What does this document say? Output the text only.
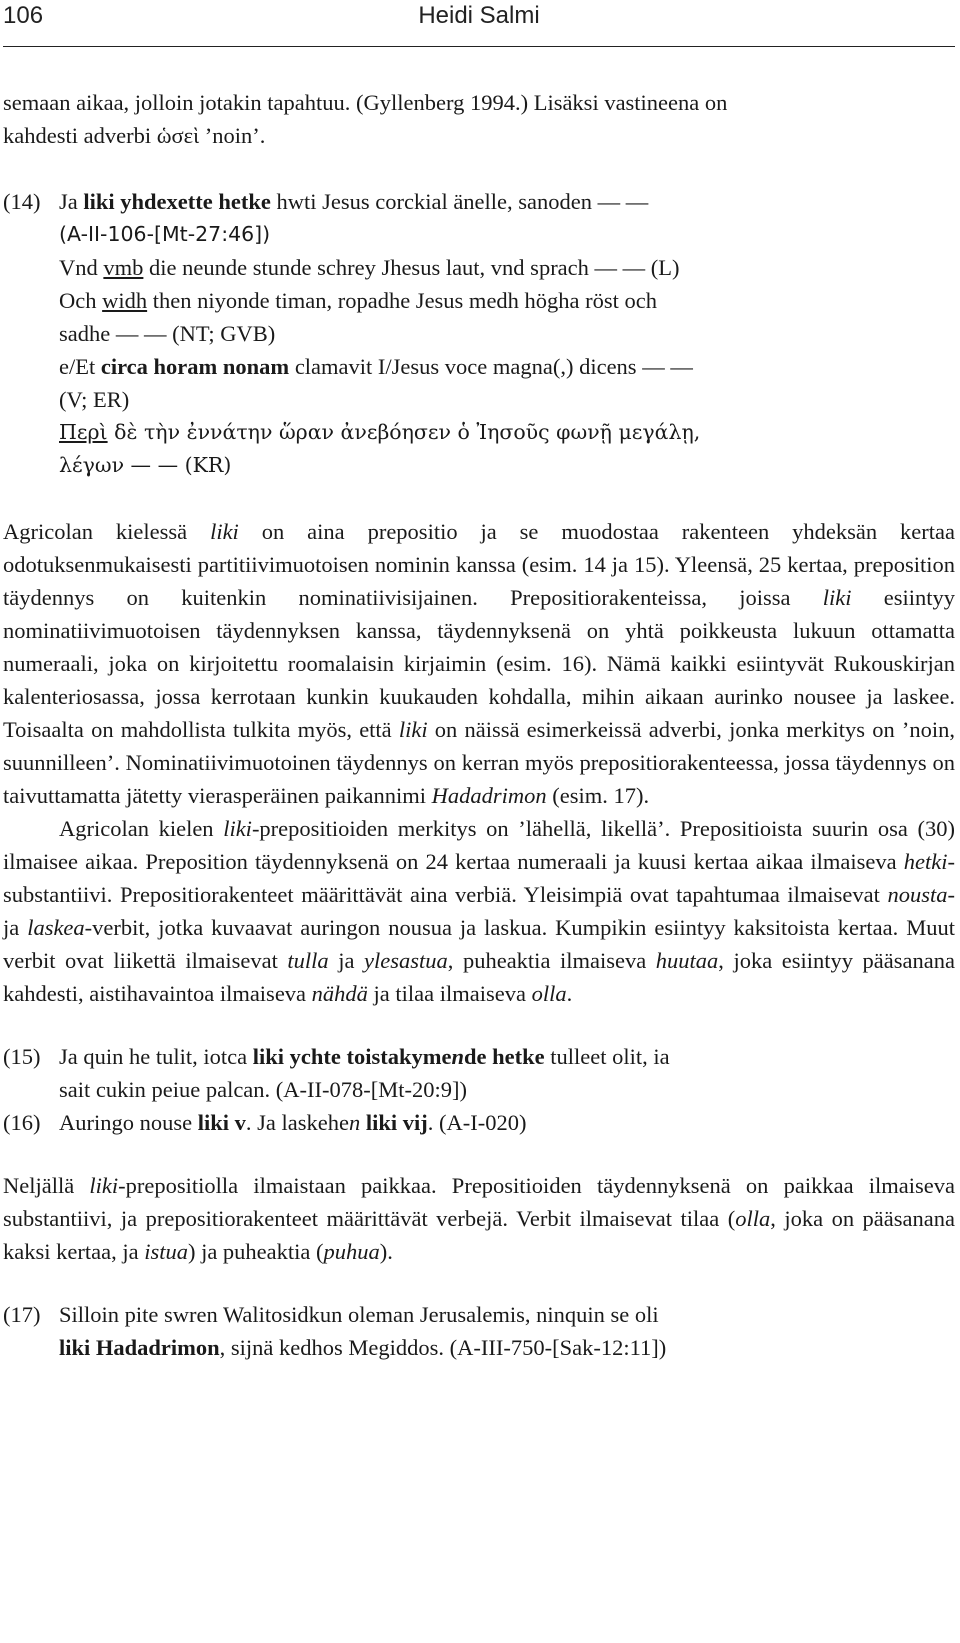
106	Heidi Salmi
semaan aikaa, jolloin jotakin tapahtuu. (Gyllenberg 1994.) Lisäksi vastineena on
kahdesti adverbi ὡσεὶ ’noin’.
(14) Ja liki yhdexette hetke hwti Jesus corckial änelle, sanoden — —
(A-II-106-[Mt-27:46])
Vnd vmb die neunde stunde schrey Jhesus laut, vnd sprach — — (L)
Och widh then niyonde timan, ropadhe Jesus medh högha röst och
sadhe — — (NT; GVB)
e/Et circa horam nonam clamavit I/Jesus voce magna(,) dicens — —
(V; ER)
Περὶ δὲ τὴν ἐννάτην ὥραν ἀνεβόησεν ὁ Ἰησοῦς φωνῇ μεγάλῃ,
λέγων — — (KR)

Agricolan kielessä liki on aina prepositio ja se muodostaa rakenteen yhdeksän kertaa odotuksenmukaisesti partitiivimuotoisen nominin kanssa (esim. 14 ja 15). Yleensä, 25 kertaa, preposition täydennys on kuitenkin nominatiivisijainen. Prepositiorakenteissa, joissa liki esiintyy nominatiivimuotoisen täydennyksen kanssa, täydennyksenä on yhtä poikkeusta lukuun ottamatta numeraali, joka on kirjoitettu roomalaisin kirjaimin (esim. 16). Nämä kaikki esiintyvät Rukouskirjan kalenteriosassa, jossa kerrotaan kunkin kuukauden kohdalla, mihin aikaan aurinko nousee ja laskee. Toisaalta on mahdollista tulkita myös, että liki on näissä esimerkeissä adverbi, jonka merkitys on ’noin, suunnilleen’. Nominatiivimuotoinen täydennys on kerran myös prepositiorakenteessa, jossa täydennys on taivuttamatta jätetty vierasperäinen paikannimi Hadadrimon (esim. 17).

Agricolan kielen liki-prepositioiden merkitys on ’lähellä, likellä’. Prepositioista suurin osa (30) ilmaisee aikaa. Preposition täydennyksenä on 24 kertaa numeraali ja kuusi kertaa aikaa ilmaiseva hetki-substantiivi. Prepositiorakenteet määrittävät aina verbiä. Yleisimpiä ovat tapahtumaa ilmaisevat nousta- ja laskea-verbit, jotka kuvaavat auringon nousua ja laskua. Kumpikin esiintyy kaksitoista kertaa. Muut verbit ovat liikettä ilmaisevat tulla ja ylesastua, puheaktia ilmaiseva huutaa, joka esiintyy pääsanana kahdesti, aistihavaintoa ilmaiseva nähdä ja tilaa ilmaiseva olla.

(15) Ja quin he tulit, iotca liki ychte toistakymende hetke tulleet olit, ia
sait cukin peiue palcan. (A-II-078-[Mt-20:9])
(16) Auringo nouse liki v. Ja laskehen liki vij. (A-I-020)

Neljällä liki-prepositiolla ilmaistaan paikkaa. Prepositioiden täydennyksenä on paikkaa ilmaiseva substantiivi, ja prepositiorakenteet määrittävät verbejä. Verbit ilmaisevat tilaa (olla, joka on pääsanana kaksi kertaa, ja istua) ja puheaktia (puhua).

(17) Silloin pite swren Walitosidkun oleman Jerusalemis, ninquin se oli
liki Hadadrimon, sijnä kedhos Megiddos. (A-III-750-[Sak-12:11])
